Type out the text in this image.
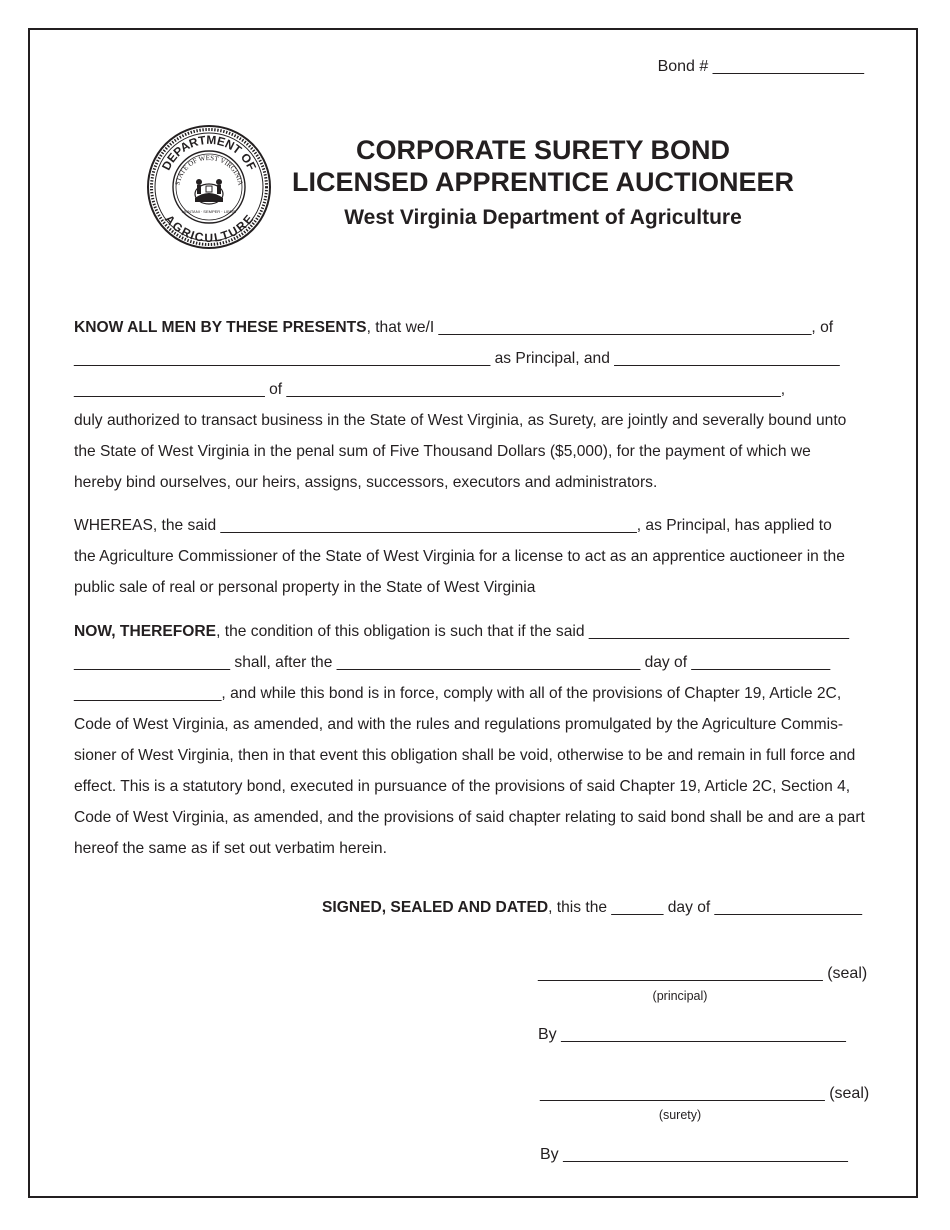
Bond # _________________
DEPARTMENT OF
AGRICULTURE
STATE OF WEST VIRGINIA
MONTANI · SEMPER · LIBERI
CORPORATE SURETY BOND
LICENSED APPRENTICE AUCTIONEER
West Virginia Department of Agriculture
KNOW ALL MEN BY THESE PRESENTS, that we/I ___________________________________________, of
________________________________________________ as Principal, and __________________________
______________________ of _________________________________________________________,
duly authorized to transact business in the State of West Virginia, as Surety, are jointly and severally bound unto
the State of West Virginia in the penal sum of Five Thousand Dollars ($5,000), for the payment of which we
hereby bind ourselves, our heirs, assigns, successors, executors and administrators.
WHEREAS, the said ________________________________________________, as Principal, has applied to
the Agriculture Commissioner of the State of West Virginia for a license to act as an apprentice auctioneer in the
public sale of real or personal property in the State of West Virginia
NOW, THEREFORE, the condition of this obligation is such that if the said ______________________________
__________________ shall, after the ___________________________________ day of ________________
_________________, and while this bond is in force, comply with all of the provisions of Chapter 19, Article 2C,
Code of West Virginia, as amended, and with the rules and regulations promulgated by the Agriculture Commis-
sioner of West Virginia, then in that event this obligation shall be void, otherwise to be and remain in full force and
effect. This is a statutory bond, executed in pursuance of the provisions of said Chapter 19, Article 2C, Section 4,
Code of West Virginia, as amended, and the provisions of said chapter relating to said bond shall be and are a part
hereof the same as if set out verbatim herein.
SIGNED, SEALED AND DATED, this the ______ day of _________________
________________________________ (seal)
(principal)
By ________________________________
________________________________ (seal)
(surety)
By ________________________________
